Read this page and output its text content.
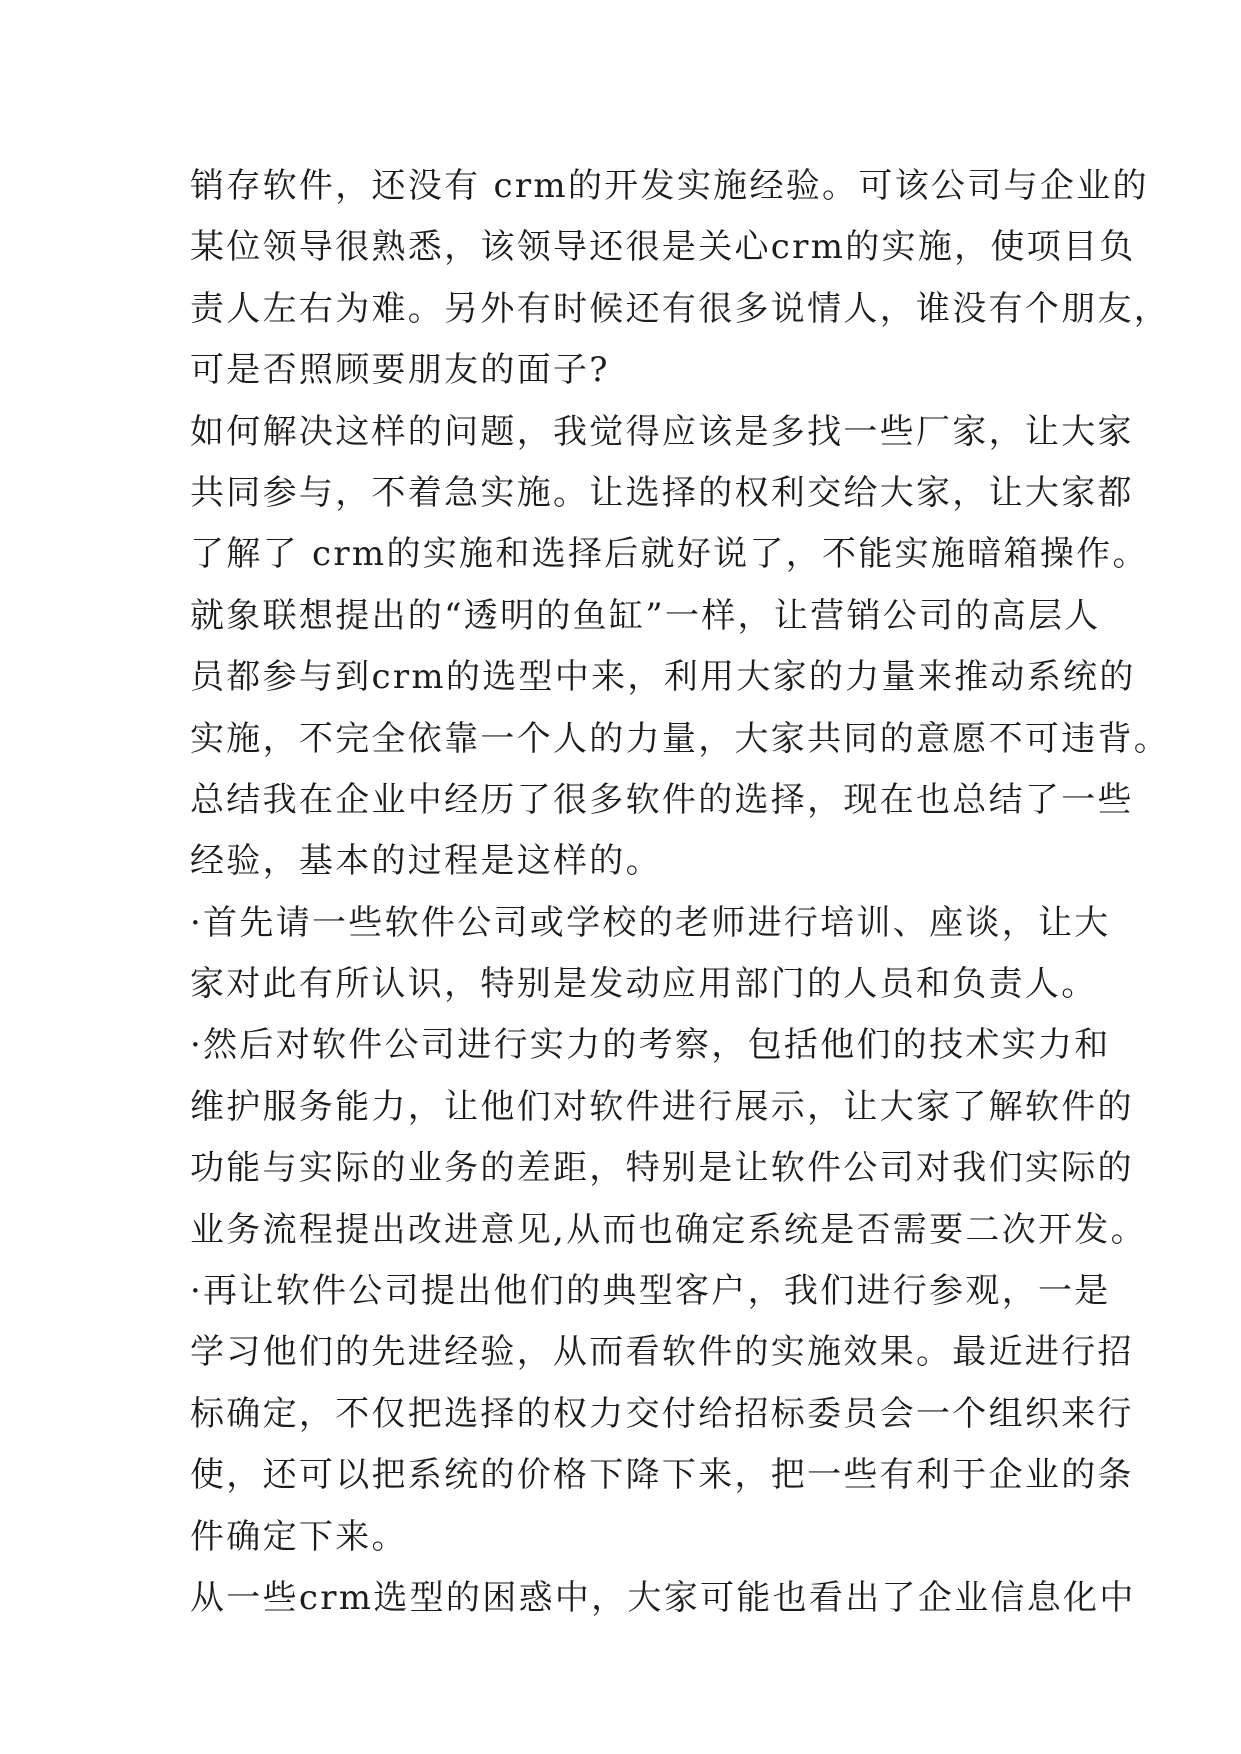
销存软件，还没有 crm的开发实施经验。可该公司与企业的
某位领导很熟悉，该领导还很是关心crm的实施，使项目负
责人左右为难。另外有时候还有很多说情人，谁没有个朋友，
可是否照顾要朋友的面子?
如何解决这样的问题，我觉得应该是多找一些厂家，让大家
共同参与，不着急实施。让选择的权利交给大家，让大家都
了解了 crm的实施和选择后就好说了，不能实施暗箱操作。
就象联想提出的“透明的鱼缸”一样，让营销公司的高层人
员都参与到crm的选型中来，利用大家的力量来推动系统的
实施，不完全依靠一个人的力量，大家共同的意愿不可违背。
总结我在企业中经历了很多软件的选择，现在也总结了一些
经验，基本的过程是这样的。
·首先请一些软件公司或学校的老师进行培训、座谈，让大
家对此有所认识，特别是发动应用部门的人员和负责人。
·然后对软件公司进行实力的考察，包括他们的技术实力和
维护服务能力，让他们对软件进行展示，让大家了解软件的
功能与实际的业务的差距，特别是让软件公司对我们实际的
业务流程提出改进意见,从而也确定系统是否需要二次开发。
·再让软件公司提出他们的典型客户，我们进行参观，一是
学习他们的先进经验，从而看软件的实施效果。最近进行招
标确定，不仅把选择的权力交付给招标委员会一个组织来行
使，还可以把系统的价格下降下来，把一些有利于企业的条
件确定下来。
从一些crm选型的困惑中，大家可能也看出了企业信息化中
